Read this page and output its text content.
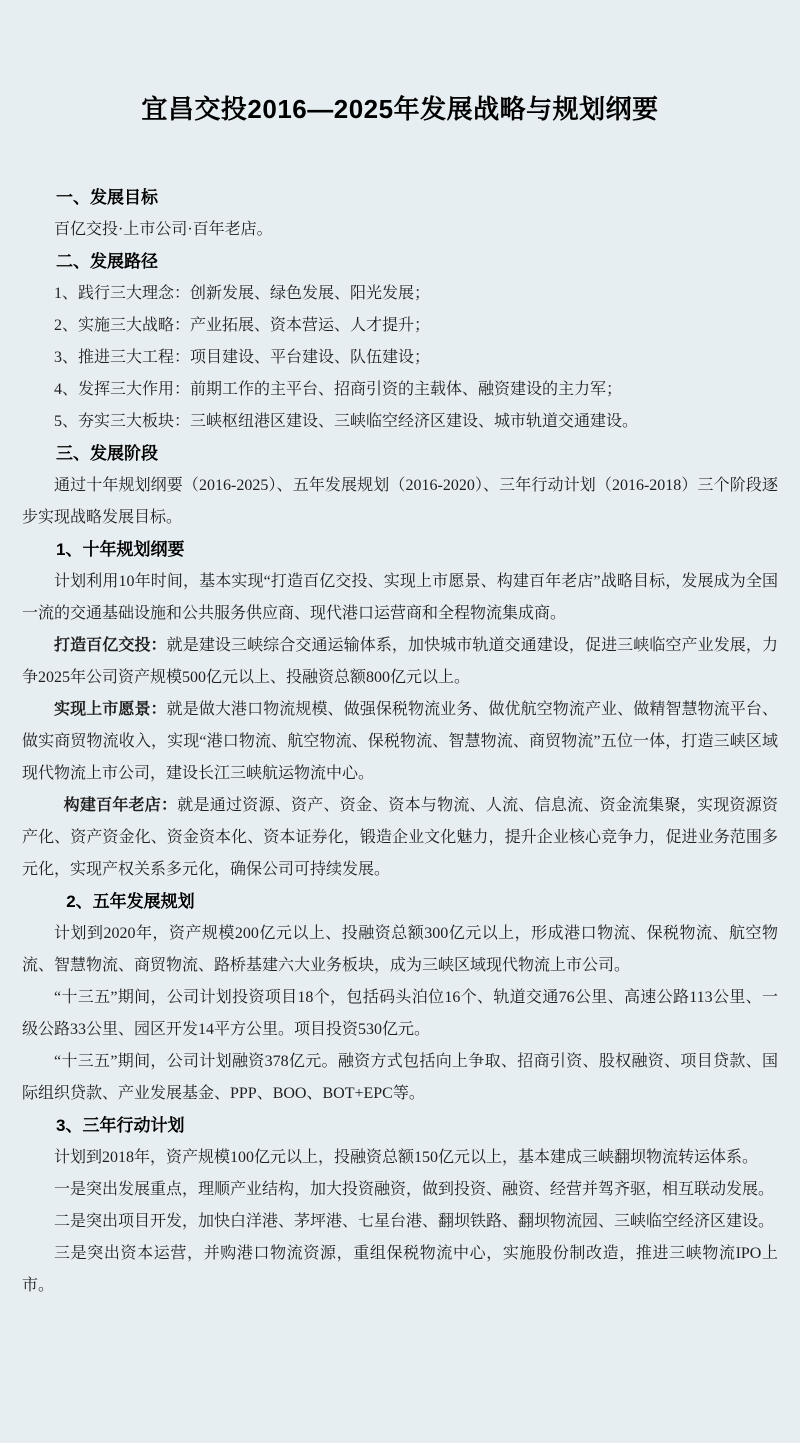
宜昌交投2016—2025年发展战略与规划纲要

一、发展目标

百亿交投·上市公司·百年老店。

二、发展路径

1、践行三大理念：创新发展、绿色发展、阳光发展；

2、实施三大战略：产业拓展、资本营运、人才提升；

3、推进三大工程：项目建设、平台建设、队伍建设；

4、发挥三大作用：前期工作的主平台、招商引资的主载体、融资建设的主力军；

5、夯实三大板块：三峡枢纽港区建设、三峡临空经济区建设、城市轨道交通建设。

三、发展阶段

通过十年规划纲要（2016-2025）、五年发展规划（2016-2020）、三年行动计划（2016-2018）三个阶段逐步实现战略发展目标。

1、十年规划纲要

计划利用10年时间，基本实现“打造百亿交投、实现上市愿景、构建百年老店”战略目标，发展成为全国一流的交通基础设施和公共服务供应商、现代港口运营商和全程物流集成商。

打造百亿交投：就是建设三峡综合交通运输体系，加快城市轨道交通建设，促进三峡临空产业发展，力争2025年公司资产规模500亿元以上、投融资总额800亿元以上。

实现上市愿景：就是做大港口物流规模、做强保税物流业务、做优航空物流产业、做精智慧物流平台、做实商贸物流收入，实现“港口物流、航空物流、保税物流、智慧物流、商贸物流”五位一体，打造三峡区域现代物流上市公司，建设长江三峡航运物流中心。

构建百年老店：就是通过资源、资产、资金、资本与物流、人流、信息流、资金流集聚，实现资源资产化、资产资金化、资金资本化、资本证券化，锻造企业文化魅力，提升企业核心竞争力，促进业务范围多元化，实现产权关系多元化，确保公司可持续发展。

2、五年发展规划

计划到2020年，资产规模200亿元以上、投融资总额300亿元以上，形成港口物流、保税物流、航空物流、智慧物流、商贸物流、路桥基建六大业务板块，成为三峡区域现代物流上市公司。

“十三五”期间，公司计划投资项目18个，包括码头泊位16个、轨道交通76公里、高速公路113公里、一级公路33公里、园区开发14平方公里。项目投资530亿元。

“十三五”期间，公司计划融资378亿元。融资方式包括向上争取、招商引资、股权融资、项目贷款、国际组织贷款、产业发展基金、PPP、BOO、BOT+EPC等。

3、三年行动计划

计划到2018年，资产规模100亿元以上，投融资总额150亿元以上，基本建成三峡翻坝物流转运体系。

一是突出发展重点，理顺产业结构，加大投资融资，做到投资、融资、经营并驾齐驱，相互联动发展。

二是突出项目开发，加快白洋港、茅坪港、七星台港、翻坝铁路、翻坝物流园、三峡临空经济区建设。

三是突出资本运营，并购港口物流资源，重组保税物流中心，实施股份制改造，推进三峡物流IPO上市。
